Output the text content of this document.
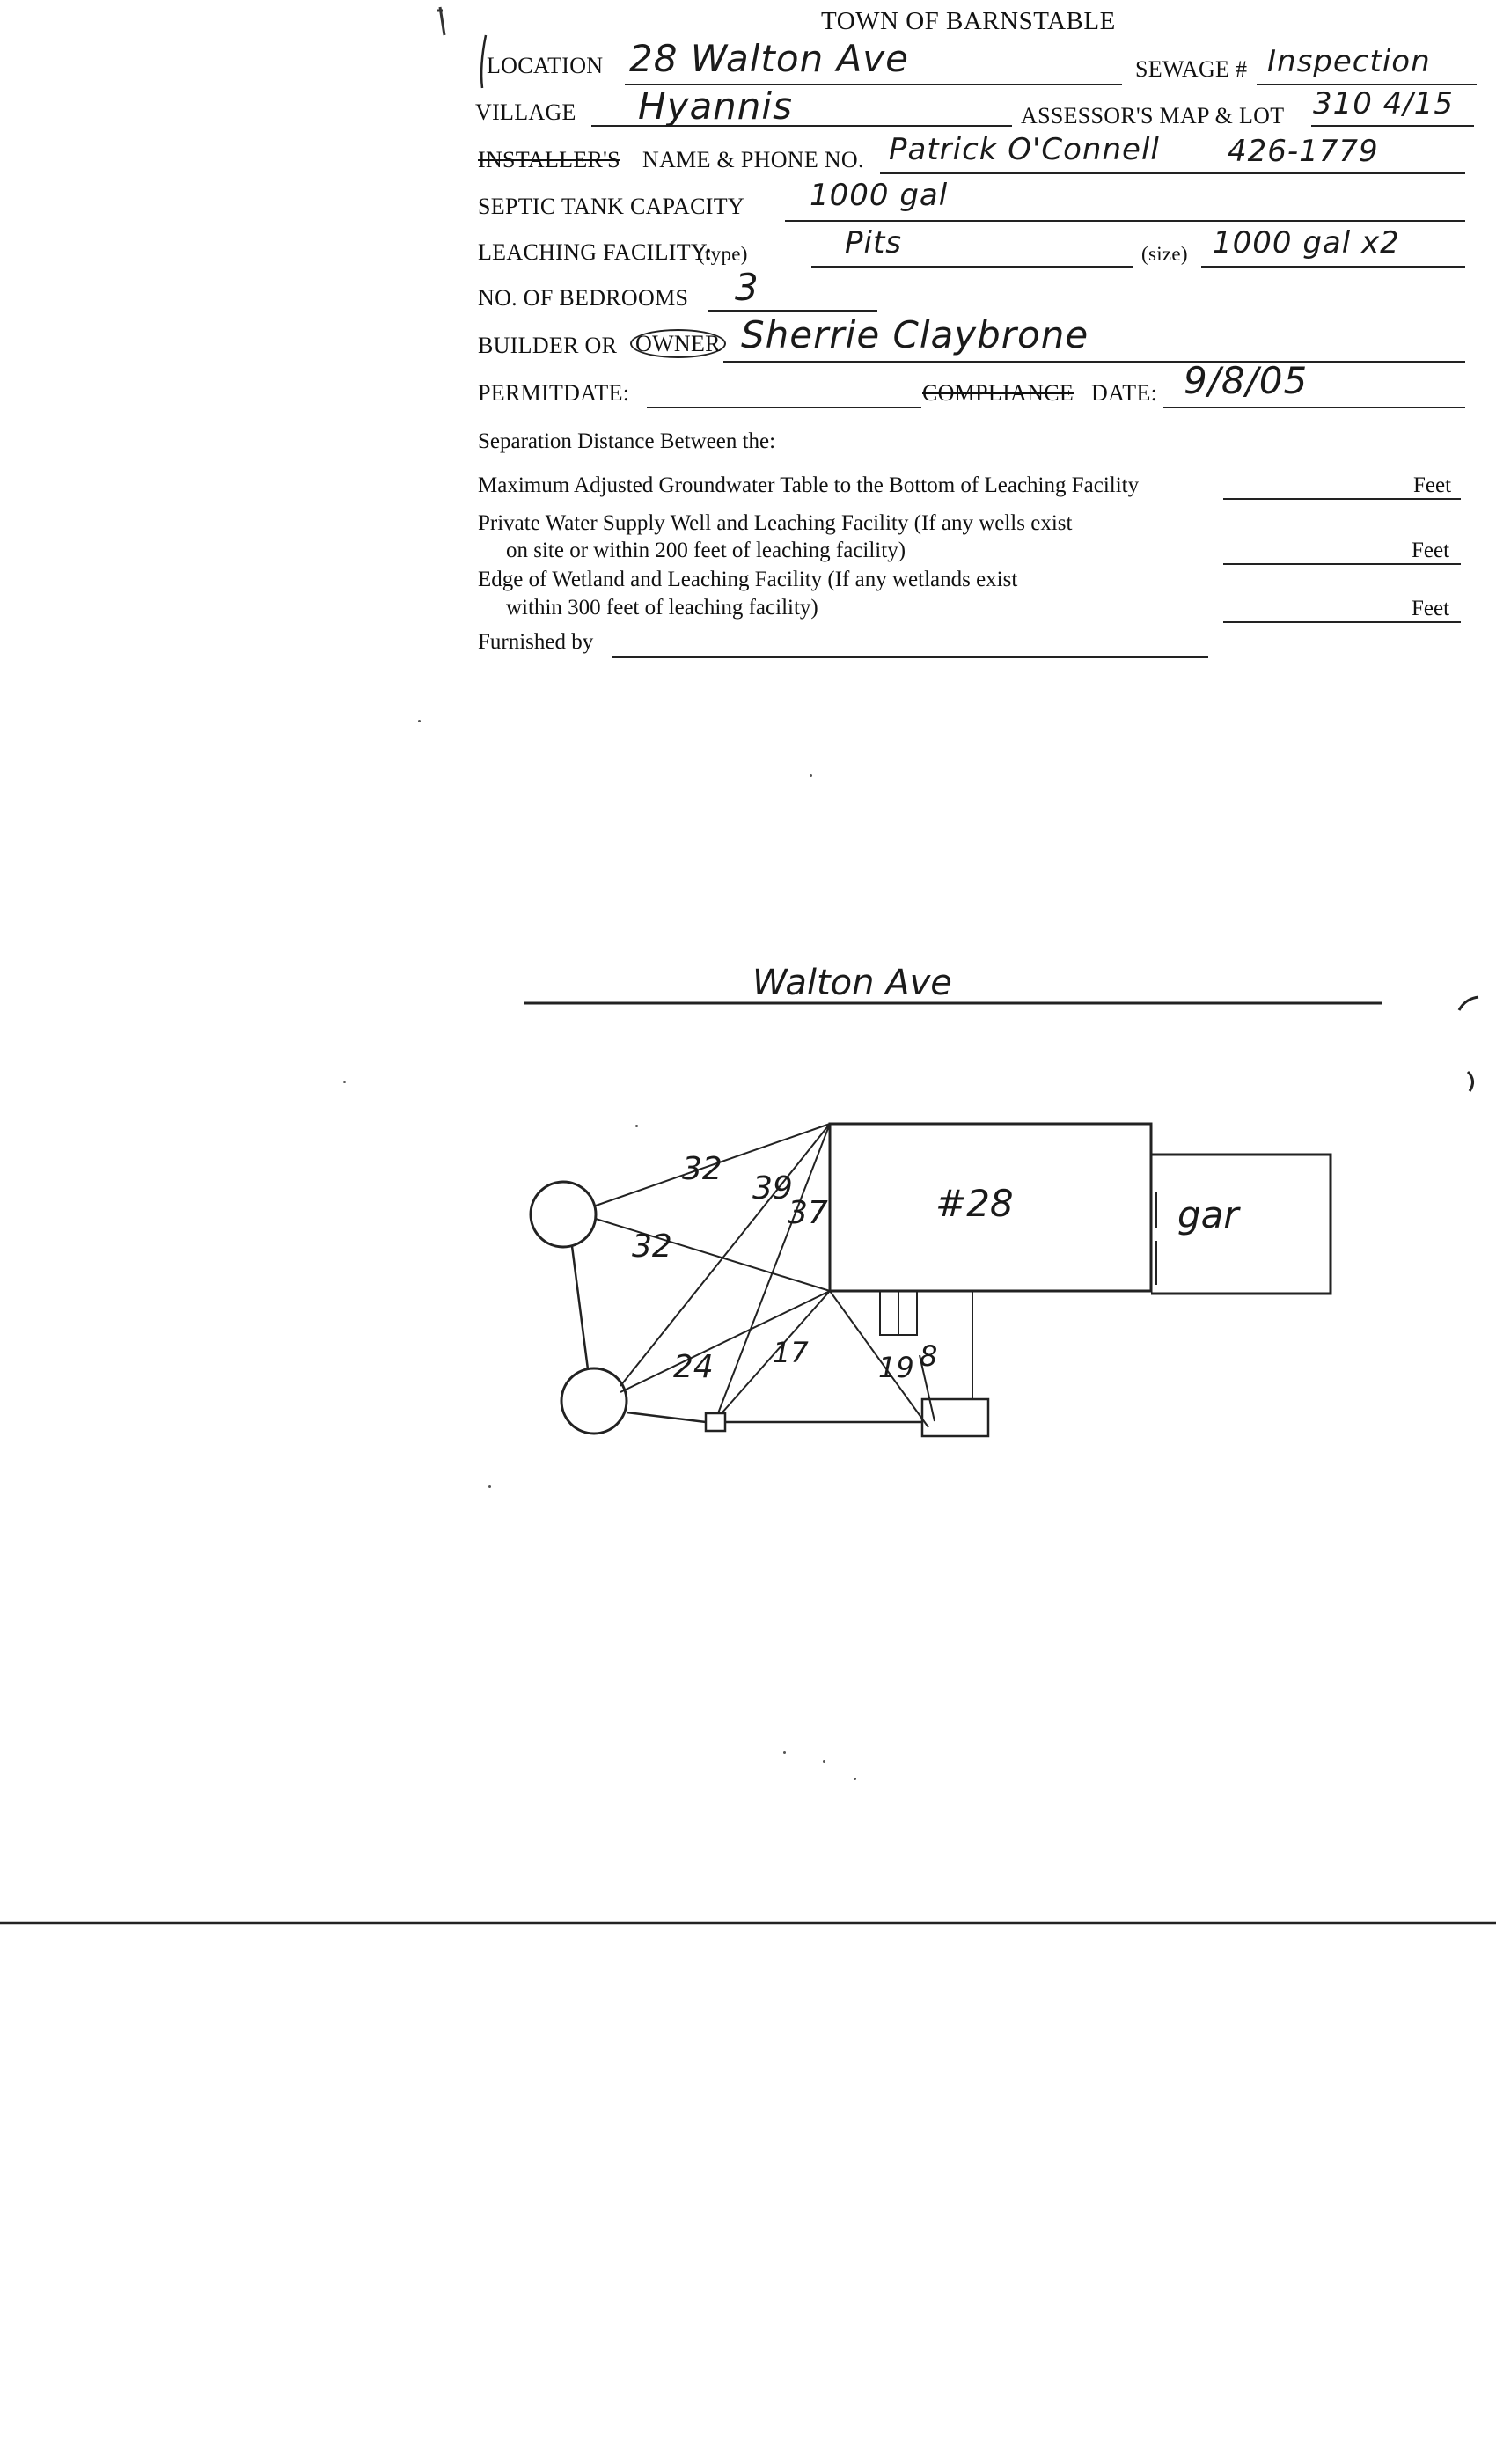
TOWN OF BARNSTABLE
LOCATION 28 Walton Ave	SEWAGE # Inspection
VILLAGE Hyannis	ASSESSOR'S MAP & LOT 310 4/15
INSTALLER'S NAME & PHONE NO. Patrick O'Connell 426-1779
SEPTIC TANK CAPACITY 1000 gal
LEACHING FACILITY:
(type)	Pits	(size) 1000 gal x2
NO. OF BEDROOMS 3
BUILDER OR OWNER Sherrie Claybrone
PERMITDATE:	COMPLIANCE DATE: 9/8/05
Separation Distance Between the:
Maximum Adjusted Groundwater Table to the Bottom of Leaching Facility	Feet
Private Water Supply Well and Leaching Facility (If any wells exist
on site or within 200 feet of leaching facility)	Feet
Edge of Wetland and Leaching Facility (If any wetlands exist
within 300 feet of leaching facility)	Feet
Furnished by
Walton Ave
#28	gar
32
32
39
37
24 17 19 8
